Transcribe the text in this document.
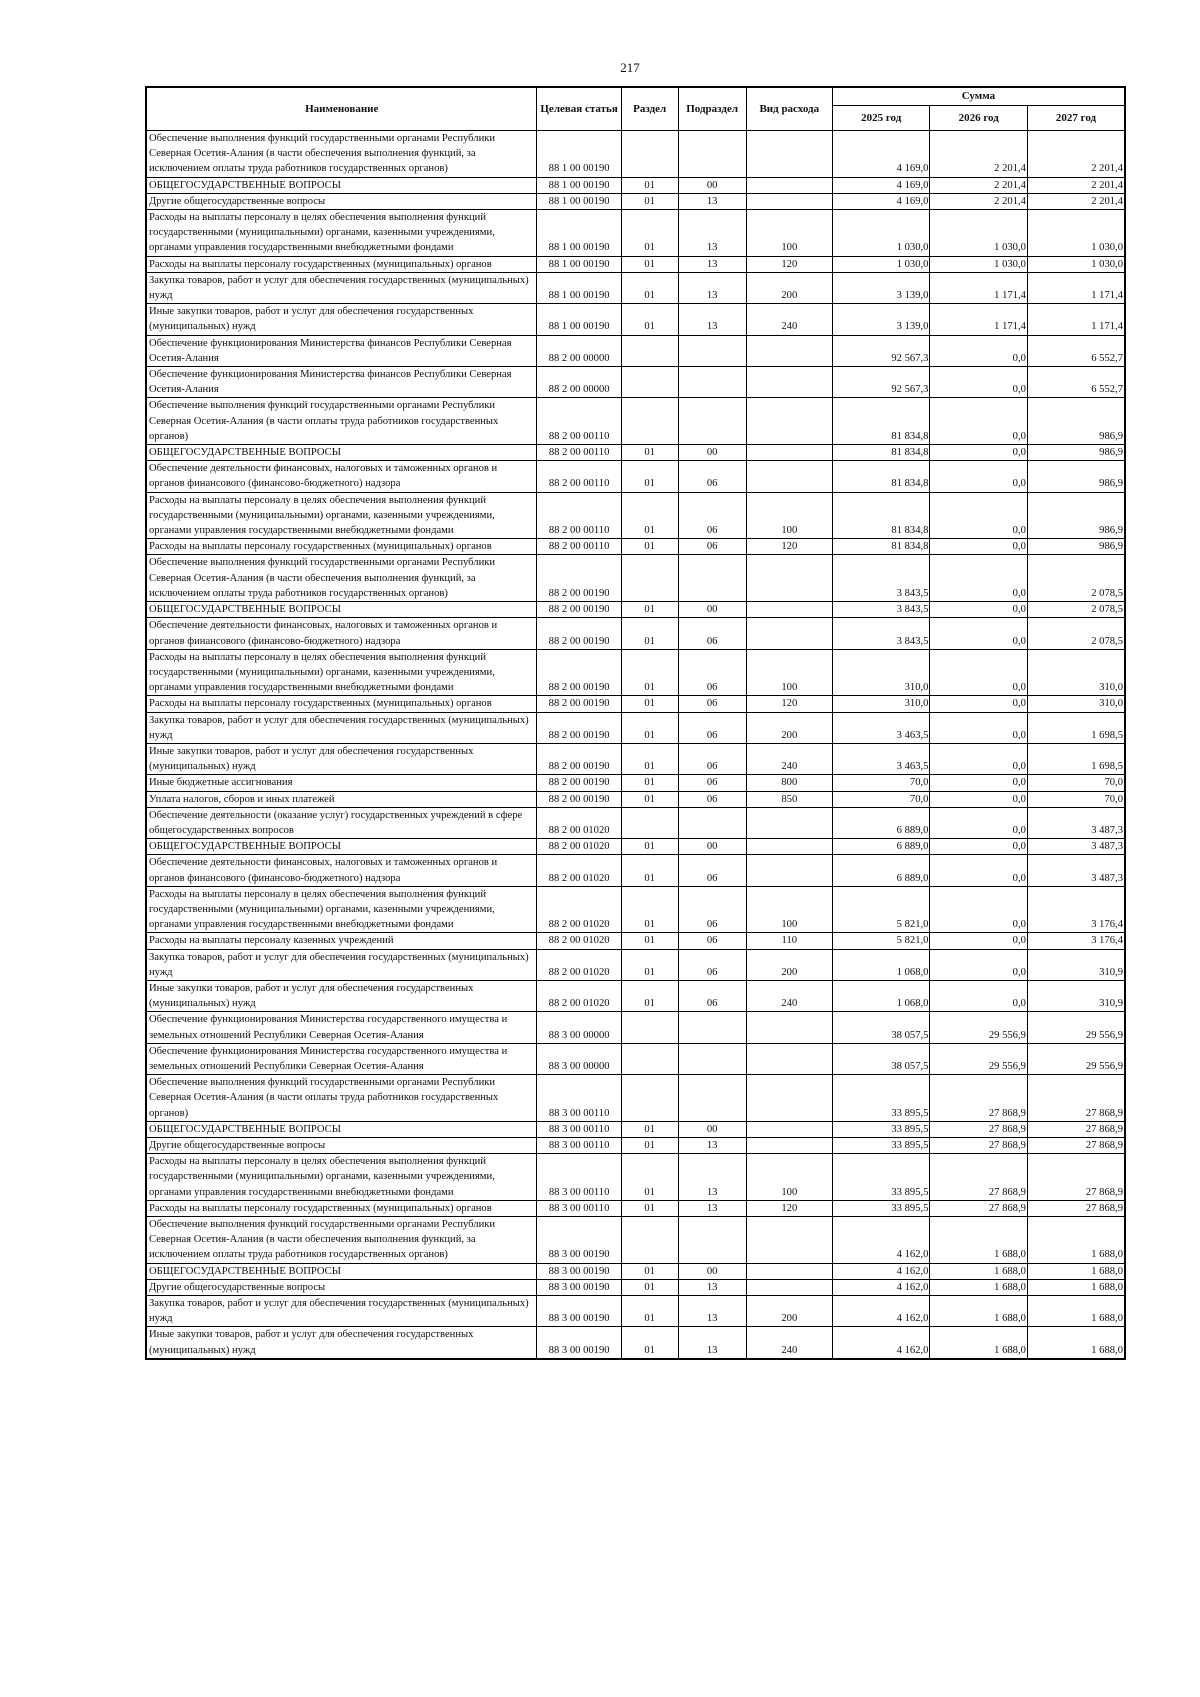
217
Наименование	Целевая статья	Раздел	Подраздел	Вид расхода	Сумма		
					2025 год	2026 год	2027 год
Обеспечение выполнения функций государственными органами Республики Северная Осетия-Алания (в части обеспечения выполнения функций, за исключением оплаты труда работников государственных органов)	88 1 00 00190				4 169,0	2 201,4	2 201,4
ОБЩЕГОСУДАРСТВЕННЫЕ ВОПРОСЫ	88 1 00 00190	01	00		4 169,0	2 201,4	2 201,4
Другие общегосударственные вопросы	88 1 00 00190	01	13		4 169,0	2 201,4	2 201,4
Расходы на выплаты персоналу в целях обеспечения выполнения функций государственными (муниципальными) органами, казенными учреждениями, органами управления государственными внебюджетными фондами	88 1 00 00190	01	13	100	1 030,0	1 030,0	1 030,0
Расходы на выплаты персоналу государственных (муниципальных) органов	88 1 00 00190	01	13	120	1 030,0	1 030,0	1 030,0
Закупка товаров, работ и услуг для обеспечения государственных (муниципальных) нужд	88 1 00 00190	01	13	200	3 139,0	1 171,4	1 171,4
Иные закупки товаров, работ и услуг для обеспечения государственных (муниципальных) нужд	88 1 00 00190	01	13	240	3 139,0	1 171,4	1 171,4
Обеспечение функционирования Министерства финансов Республики Северная Осетия-Алания	88 2 00 00000				92 567,3	0,0	6 552,7
Обеспечение функционирования Министерства финансов Республики Северная Осетия-Алания	88 2 00 00000				92 567,3	0,0	6 552,7
Обеспечение выполнения функций государственными органами Республики Северная Осетия-Алания (в части оплаты труда работников государственных органов)	88 2 00 00110				81 834,8	0,0	986,9
ОБЩЕГОСУДАРСТВЕННЫЕ ВОПРОСЫ	88 2 00 00110	01	00		81 834,8	0,0	986,9
Обеспечение деятельности финансовых, налоговых и таможенных органов и органов финансового (финансово-бюджетного) надзора	88 2 00 00110	01	06		81 834,8	0,0	986,9
Расходы на выплаты персоналу в целях обеспечения выполнения функций государственными (муниципальными) органами, казенными учреждениями, органами управления государственными внебюджетными фондами	88 2 00 00110	01	06	100	81 834,8	0,0	986,9
Расходы на выплаты персоналу государственных (муниципальных) органов	88 2 00 00110	01	06	120	81 834,8	0,0	986,9
Обеспечение выполнения функций государственными органами Республики Северная Осетия-Алания (в части обеспечения выполнения функций, за исключением оплаты труда работников государственных органов)	88 2 00 00190				3 843,5	0,0	2 078,5
ОБЩЕГОСУДАРСТВЕННЫЕ ВОПРОСЫ	88 2 00 00190	01	00		3 843,5	0,0	2 078,5
Обеспечение деятельности финансовых, налоговых и таможенных органов и органов финансового (финансово-бюджетного) надзора	88 2 00 00190	01	06		3 843,5	0,0	2 078,5
Расходы на выплаты персоналу в целях обеспечения выполнения функций государственными (муниципальными) органами, казенными учреждениями, органами управления государственными внебюджетными фондами	88 2 00 00190	01	06	100	310,0	0,0	310,0
Расходы на выплаты персоналу государственных (муниципальных) органов	88 2 00 00190	01	06	120	310,0	0,0	310,0
Закупка товаров, работ и услуг для обеспечения государственных (муниципальных) нужд	88 2 00 00190	01	06	200	3 463,5	0,0	1 698,5
Иные закупки товаров, работ и услуг для обеспечения государственных (муниципальных) нужд	88 2 00 00190	01	06	240	3 463,5	0,0	1 698,5
Иные бюджетные ассигнования	88 2 00 00190	01	06	800	70,0	0,0	70,0
Уплата налогов, сборов и иных платежей	88 2 00 00190	01	06	850	70,0	0,0	70,0
Обеспечение деятельности (оказание услуг) государственных учреждений в сфере общегосударственных вопросов	88 2 00 01020				6 889,0	0,0	3 487,3
ОБЩЕГОСУДАРСТВЕННЫЕ ВОПРОСЫ	88 2 00 01020	01	00		6 889,0	0,0	3 487,3
Обеспечение деятельности финансовых, налоговых и таможенных органов и органов финансового (финансово-бюджетного) надзора	88 2 00 01020	01	06		6 889,0	0,0	3 487,3
Расходы на выплаты персоналу в целях обеспечения выполнения функций государственными (муниципальными) органами, казенными учреждениями, органами управления государственными внебюджетными фондами	88 2 00 01020	01	06	100	5 821,0	0,0	3 176,4
Расходы на выплаты персоналу казенных учреждений	88 2 00 01020	01	06	110	5 821,0	0,0	3 176,4
Закупка товаров, работ и услуг для обеспечения государственных (муниципальных) нужд	88 2 00 01020	01	06	200	1 068,0	0,0	310,9
Иные закупки товаров, работ и услуг для обеспечения государственных (муниципальных) нужд	88 2 00 01020	01	06	240	1 068,0	0,0	310,9
Обеспечение функционирования Министерства государственного имущества и земельных отношений Республики Северная Осетия-Алания	88 3 00 00000				38 057,5	29 556,9	29 556,9
Обеспечение функционирования Министерства государственного имущества и земельных отношений Республики Северная Осетия-Алания	88 3 00 00000				38 057,5	29 556,9	29 556,9
Обеспечение выполнения функций государственными органами Республики Северная Осетия-Алания (в части оплаты труда работников государственных органов)	88 3 00 00110				33 895,5	27 868,9	27 868,9
ОБЩЕГОСУДАРСТВЕННЫЕ ВОПРОСЫ	88 3 00 00110	01	00		33 895,5	27 868,9	27 868,9
Другие общегосударственные вопросы	88 3 00 00110	01	13		33 895,5	27 868,9	27 868,9
Расходы на выплаты персоналу в целях обеспечения выполнения функций государственными (муниципальными) органами, казенными учреждениями, органами управления государственными внебюджетными фондами	88 3 00 00110	01	13	100	33 895,5	27 868,9	27 868,9
Расходы на выплаты персоналу государственных (муниципальных) органов	88 3 00 00110	01	13	120	33 895,5	27 868,9	27 868,9
Обеспечение выполнения функций государственными органами Республики Северная Осетия-Алания (в части обеспечения выполнения функций, за исключением оплаты труда работников государственных органов)	88 3 00 00190				4 162,0	1 688,0	1 688,0
ОБЩЕГОСУДАРСТВЕННЫЕ ВОПРОСЫ	88 3 00 00190	01	00		4 162,0	1 688,0	1 688,0
Другие общегосударственные вопросы	88 3 00 00190	01	13		4 162,0	1 688,0	1 688,0
Закупка товаров, работ и услуг для обеспечения государственных (муниципальных) нужд	88 3 00 00190	01	13	200	4 162,0	1 688,0	1 688,0
Иные закупки товаров, работ и услуг для обеспечения государственных (муниципальных) нужд	88 3 00 00190	01	13	240	4 162,0	1 688,0	1 688,0
